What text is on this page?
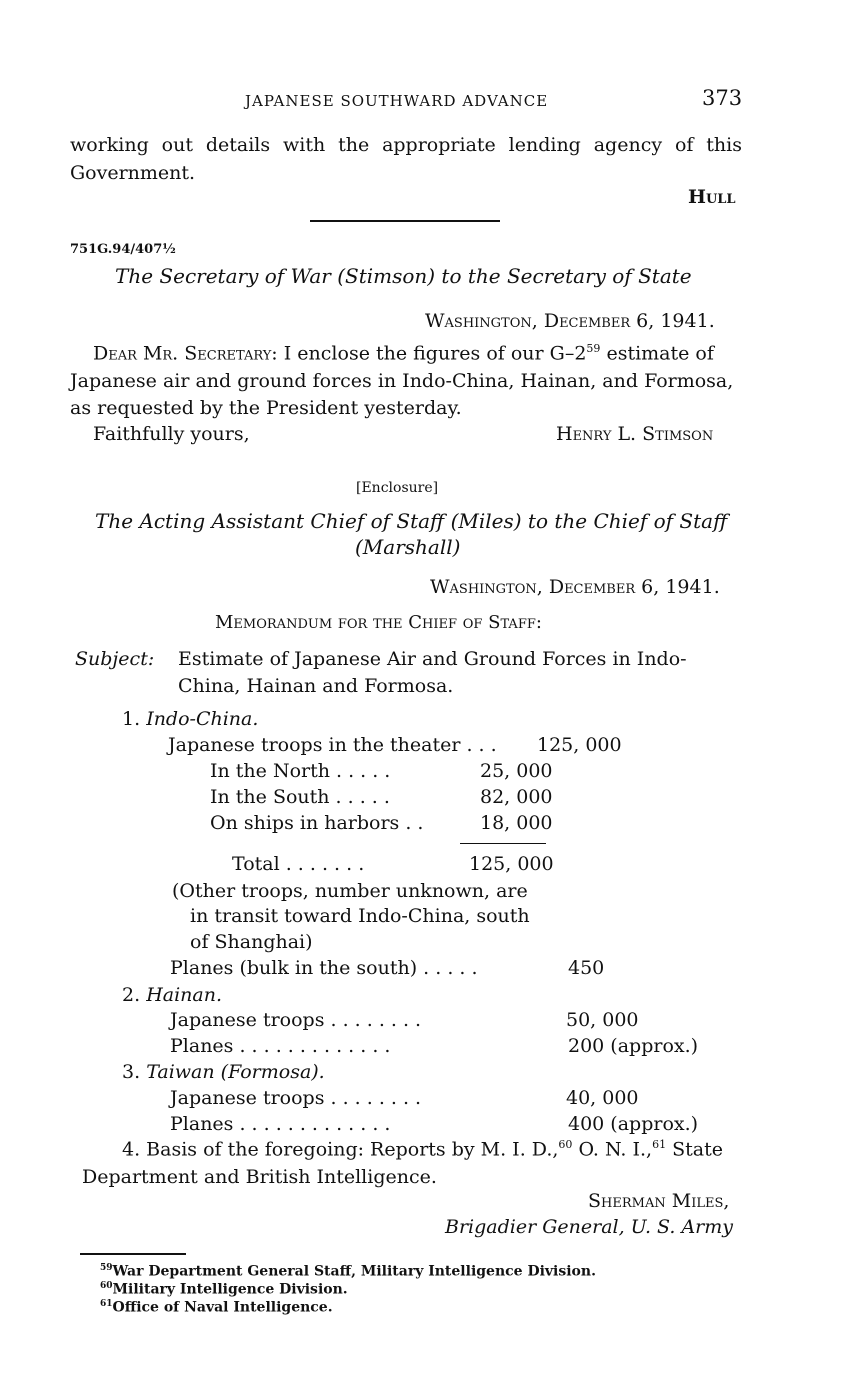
JAPANESE SOUTHWARD ADVANCE	373
working out details with the appropriate lending agency of this
Government.
Hull
751G.94/407½
The Secretary of War (Stimson) to the Secretary of State
Washington, December 6, 1941.
Dear Mr. Secretary: I enclose the figures of our $G-2^{59}$ estimate of
Japanese air and ground forces in Indo-China, Hainan, and Formosa,
as requested by the President yesterday.
Faithfully yours,	Henry L. Stimson
[Enclosure]
The Acting Assistant Chief of Staff (Miles) to the Chief of Staff
(Marshall)
Washington, December 6, 1941.
Memorandum for the Chief of Staff:
Subject: Estimate of Japanese Air and Ground Forces in Indo-
China, Hainan and Formosa.
1. Indo-China.
Japanese troops in the theater . . . 125, 000
In the North . . . . .	25, 000
In the South . . . . .	82, 000
On ships in harbors . .	18, 000
Total . . . . . . .	125, 000
(Other troops, number unknown, are
in transit toward Indo-China, south
of Shanghai)
Planes (bulk in the south) . . . . .	450
2. Hainan.
Japanese troops . . . . . . . .	50, 000
Planes . . . . . . . . . . . . .	200 (approx.)
3. Taiwan (Formosa).
Japanese troops . . . . . . . .	40, 000
Planes . . . . . . . . . . . . .	400 (approx.)
4. Basis of the foregoing: Reports by M. I. D.,$^{60}$ O. N. I.,$^{61}$ State
Department and British Intelligence.
Sherman Miles,
Brigadier General, U. S. Army
$^{59}$War Department General Staff, Military Intelligence Division.
$^{60}$Military Intelligence Division.
$^{61}$Office of Naval Intelligence.
